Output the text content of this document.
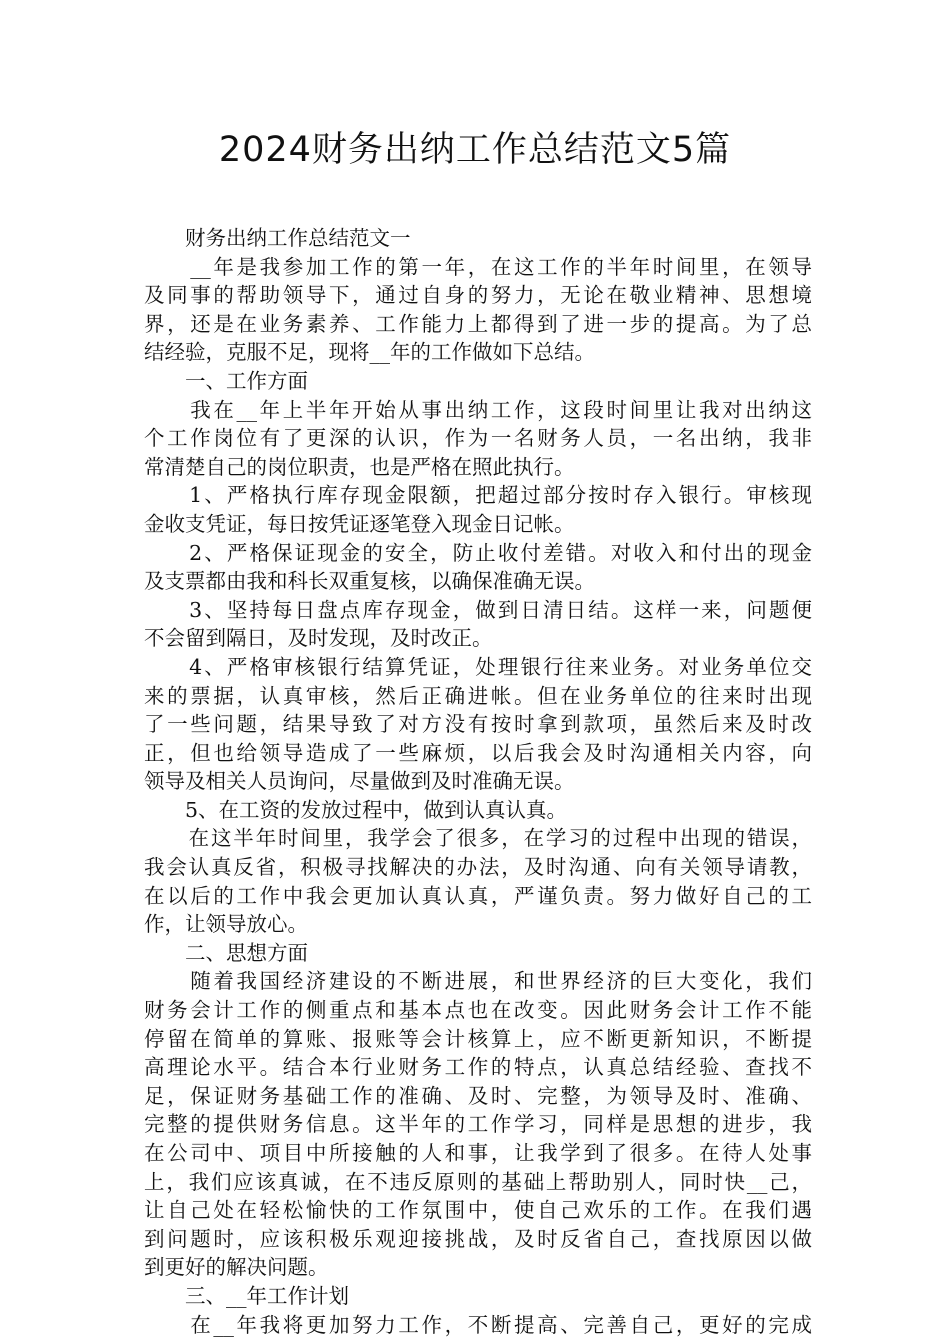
2024财务出纳工作总结范文5篇
　　财务出纳工作总结范文一
　　__年是我参加工作的第一年，在这工作的半年时间里，在领导
及同事的帮助领导下，通过自身的努力，无论在敬业精神、思想境
界，还是在业务素养、工作能力上都得到了进一步的提高。为了总
结经验，克服不足，现将__年的工作做如下总结。
　　一、工作方面
　　我在__年上半年开始从事出纳工作，这段时间里让我对出纳这
个工作岗位有了更深的认识，作为一名财务人员，一名出纳，我非
常清楚自己的岗位职责，也是严格在照此执行。
　　1、严格执行库存现金限额，把超过部分按时存入银行。审核现
金收支凭证，每日按凭证逐笔登入现金日记帐。
　　2、严格保证现金的安全，防止收付差错。对收入和付出的现金
及支票都由我和科长双重复核，以确保准确无误。
　　3、坚持每日盘点库存现金，做到日清日结。这样一来，问题便
不会留到隔日，及时发现，及时改正。
　　4、严格审核银行结算凭证，处理银行往来业务。对业务单位交
来的票据，认真审核，然后正确进帐。但在业务单位的往来时出现
了一些问题，结果导致了对方没有按时拿到款项，虽然后来及时改
正，但也给领导造成了一些麻烦，以后我会及时沟通相关内容，向
领导及相关人员询问，尽量做到及时准确无误。
　　5、在工资的发放过程中，做到认真认真。
　　在这半年时间里，我学会了很多，在学习的过程中出现的错误，
我会认真反省，积极寻找解决的办法，及时沟通、向有关领导请教，
在以后的工作中我会更加认真认真，严谨负责。努力做好自己的工
作，让领导放心。
　　二、思想方面
　　随着我国经济建设的不断进展，和世界经济的巨大变化，我们
财务会计工作的侧重点和基本点也在改变。因此财务会计工作不能
停留在简单的算账、报账等会计核算上，应不断更新知识，不断提
高理论水平。结合本行业财务工作的特点，认真总结经验、查找不
足，保证财务基础工作的准确、及时、完整，为领导及时、准确、
完整的提供财务信息。这半年的工作学习，同样是思想的进步，我
在公司中、项目中所接触的人和事，让我学到了很多。在待人处事
上，我们应该真诚，在不违反原则的基础上帮助别人，同时快__己，
让自己处在轻松愉快的工作氛围中，使自己欢乐的工作。在我们遇
到问题时，应该积极乐观迎接挑战，及时反省自己，查找原因以做
到更好的解决问题。
　　三、__年工作计划
　　在__年我将更加努力工作，不断提高、完善自己，更好的完成
